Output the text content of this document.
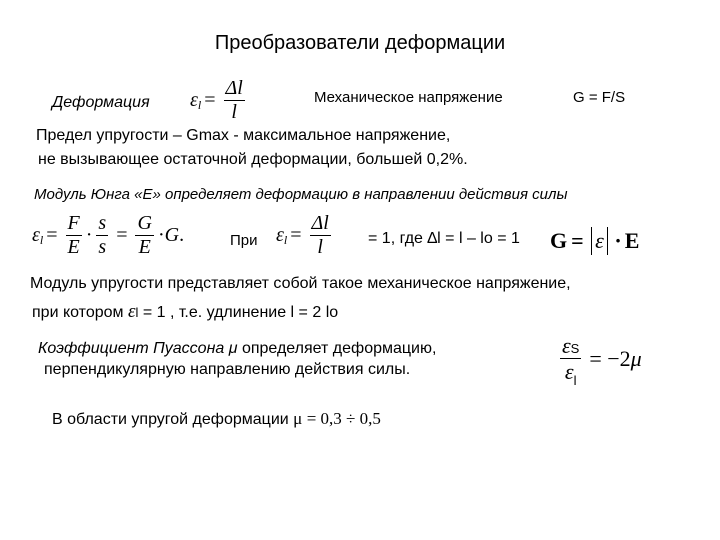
Преобразователи деформации
Деформация ε $l = \frac{\Delta l}{l}$	Механическое напряжение	G = F/S
Предел упругости – Gmax - максимальное напряжение,
не вызывающее остаточной деформации, большей 0,2%.
Модуль Юнга «Е» определяет деформацию в направлении действия силы
ε $l = \frac{F}{E} \cdot \frac{s}{s} = \frac{G}{E} \cdot G$ .	При ε $l = \frac{\Delta l}{l} = 1$, где ∆l = l – lo = 1 G = ε · E
Модуль упругости представляет собой такое механическое напряжение,
при котором εl = 1 , т.е. удлинение l = 2 lo
Коэффициент Пуассона μ определяет деформацию,
перпендикулярную направлению действия силы.	$\frac{\varepsilon S}{\varepsilon_l} = -2$ μ
В области упругой деформации μ = 0,3 ÷ 0,5
